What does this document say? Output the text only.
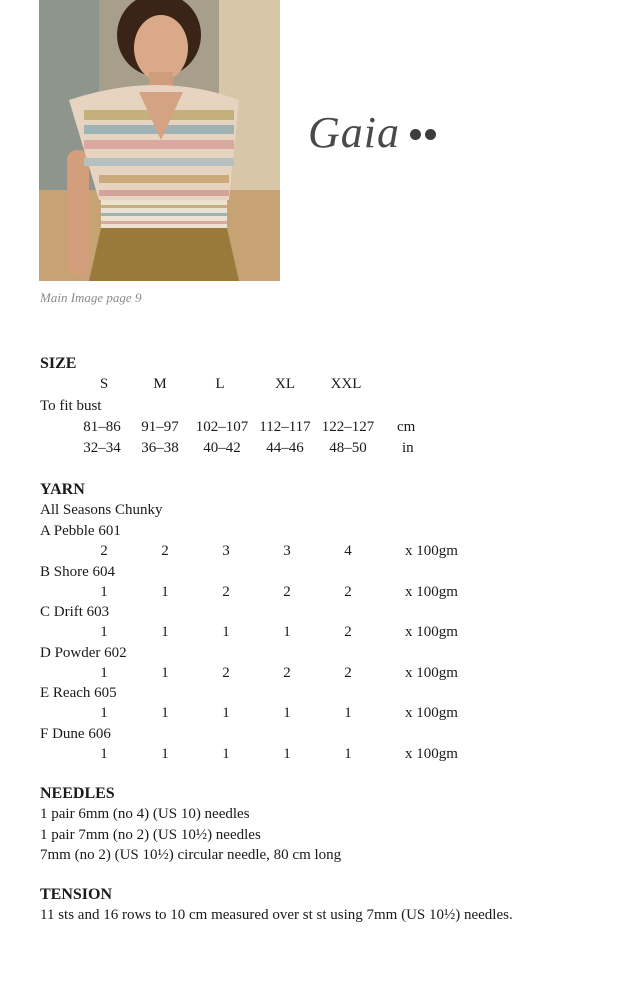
Main Image page 9
Gaia
SIZE
S	M	L	XL	XXL
To fit bust
81–86	91–97	102–107 112–117 122–127 cm
32–34	36–38	40–42	44–46	48–50	in
YARN
All Seasons Chunky
A Pebble 601
2	2	3	3	4	x 100gm
B Shore 604
1	1	2	2	2	x 100gm
C Drift 603
1	1	1	1	2	x 100gm
D Powder 602
1	1	2	2	2	x 100gm
E Reach 605
1	1	1	1	1	x 100gm
F Dune 606
1	1	1	1	1	x 100gm
NEEDLES
1 pair 6mm (no 4) (US 10) needles
1 pair 7mm (no 2) (US 10½) needles
7mm (no 2) (US 10½) circular needle, 80 cm long
TENSION
11 sts and 16 rows to 10 cm measured over st st using 7mm (US 10½) needles.
